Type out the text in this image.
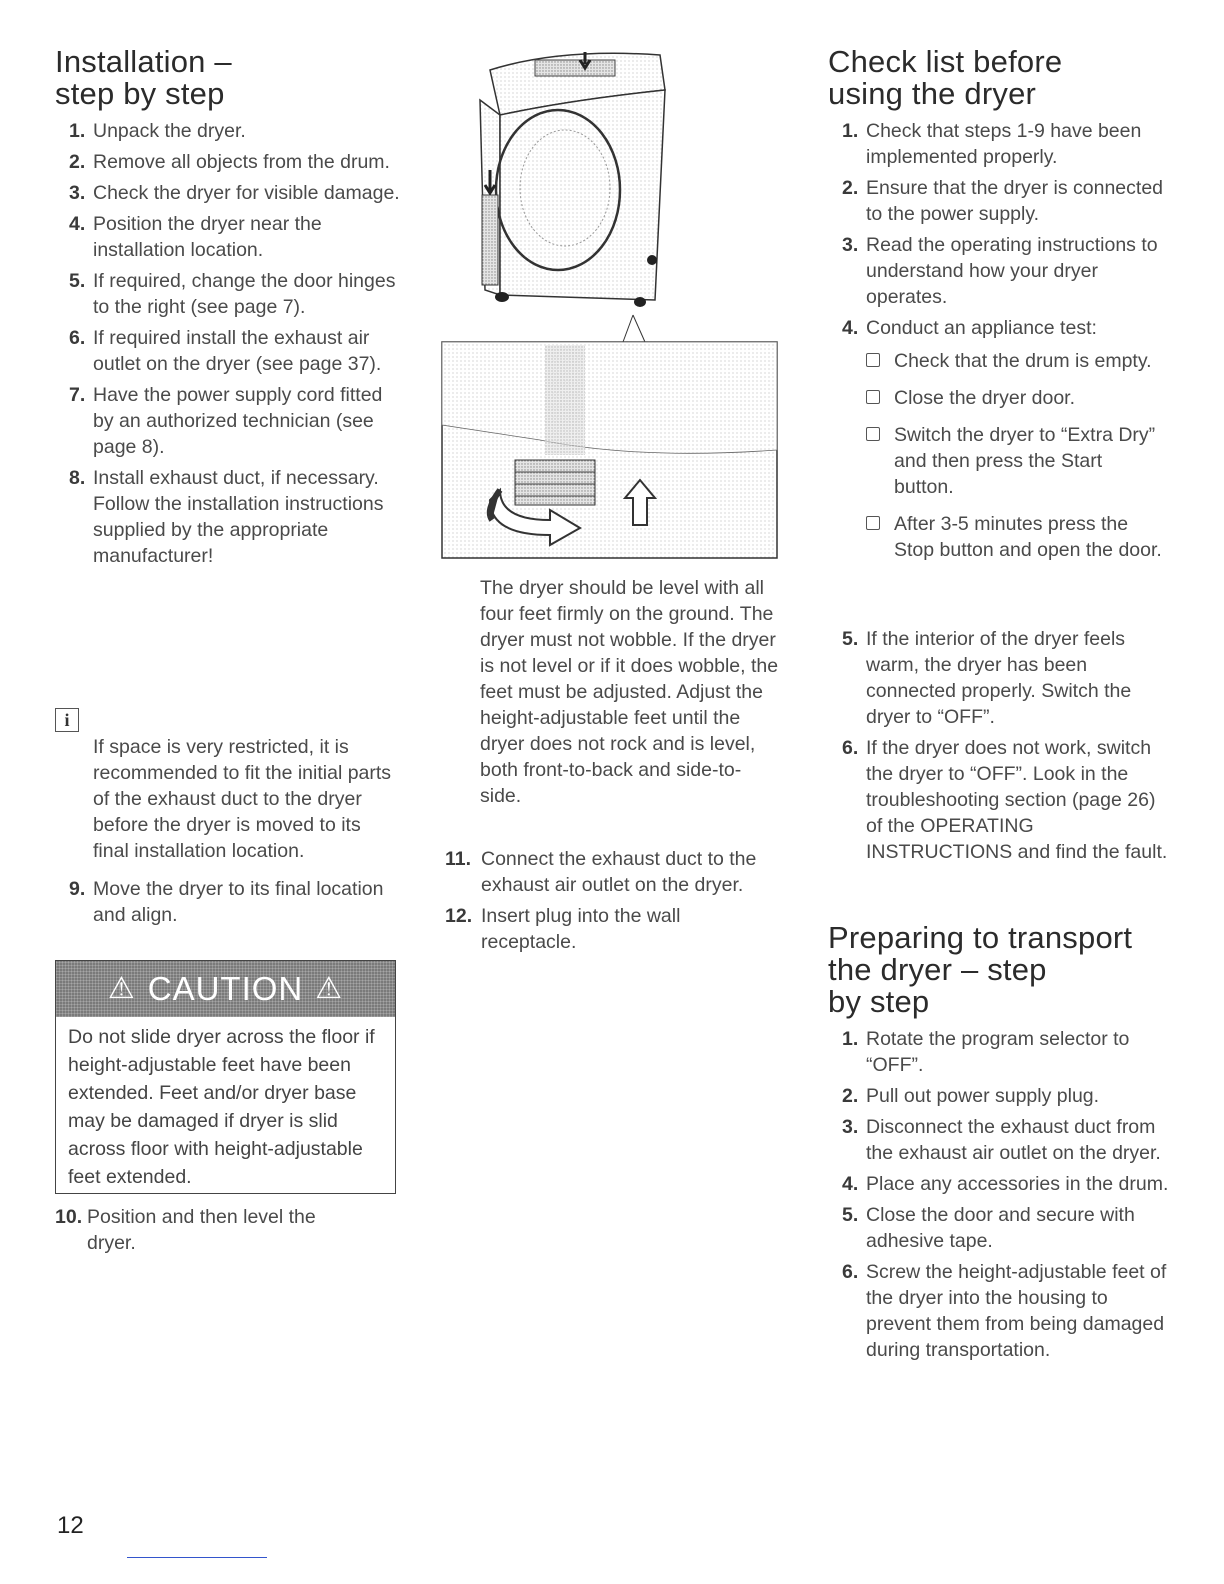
Installation –
step by step
1. Unpack the dryer.
2. Remove all objects from the drum.
3. Check the dryer for visible damage.
4. Position the dryer near the installation location.
5. If required, change the door hinges to the right (see page 7).
6. If required install the exhaust air outlet on the dryer (see page 37).
7. Have the power supply cord fitted by an authorized technician (see page 8).
8. Install exhaust duct, if necessary. Follow the installation instructions supplied by the appropriate manufacturer!
i
If space is very restricted, it is recommended to fit the initial parts of the exhaust duct to the dryer before the dryer is moved to its final installation location.
9. Move the dryer to its final location and align.
⚠ CAUTION ⚠
Do not slide dryer across the floor if height-adjustable feet have been extended. Feet and/or dryer base may be damaged if dryer is slid across floor with height-adjustable feet extended.
10. Position and then level the dryer.
The dryer should be level with all four feet firmly on the ground. The dryer must not wobble. If the dryer is not level or if it does wobble, the feet must be adjusted. Adjust the height-adjustable feet until the dryer does not rock and is level, both front-to-back and side-to-side.
11. Connect the exhaust duct to the exhaust air outlet on the dryer.
12. Insert plug into the wall receptacle.
Check list before
using the dryer
1. Check that steps 1-9 have been implemented properly.
2. Ensure that the dryer is connected to the power supply.
3. Read the operating instructions to understand how your dryer operates.
4. Conduct an appliance test:
Check that the drum is empty.
Close the dryer door.
Switch the dryer to “Extra Dry” and then press the Start button.
After 3-5 minutes press the Stop button and open the door.
5. If the interior of the dryer feels warm, the dryer has been connected properly. Switch the dryer to “OFF”.
6. If the dryer does not work, switch the dryer to “OFF”. Look in the troubleshooting section (page 26) of the OPERATING INSTRUCTIONS and find the fault.
Preparing to transport
the dryer – step
by step
1. Rotate the program selector to “OFF”.
2. Pull out power supply plug.
3. Disconnect the exhaust duct from the exhaust air outlet on the dryer.
4. Place any accessories in the drum.
5. Close the door and secure with adhesive tape.
6. Screw the height-adjustable feet of the dryer into the housing to prevent them from being damaged during transportation.
12
